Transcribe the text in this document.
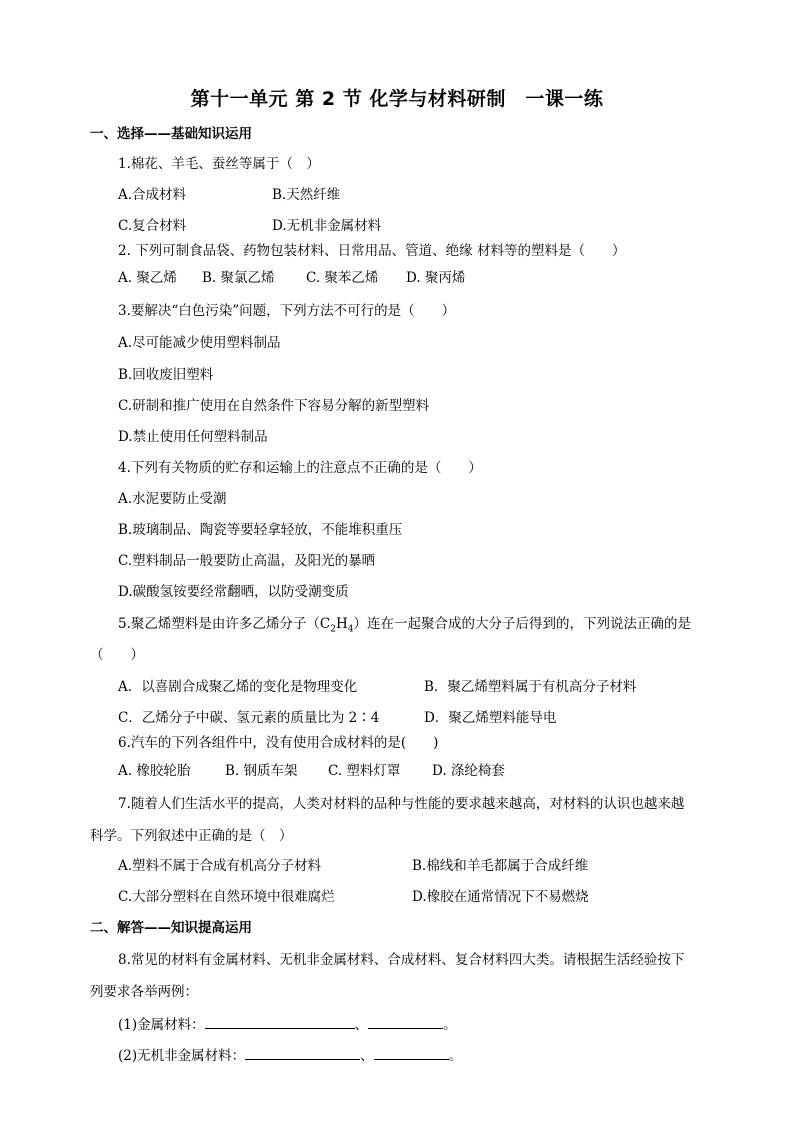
第十一单元 第 2 节 化学与材料研制　一课一练
一、选择——基础知识运用
1.棉花、羊毛、蚕丝等属于（　）
A.合成材料	B.天然纤维
C.复合材料	D.无机非金属材料
2. 下列可制食品袋、药物包装材料、日常用品、管道、绝缘 材料等的塑料是（　　）
A. 聚乙烯 B. 聚氯乙烯 C. 聚苯乙烯 D. 聚丙烯
3.要解决“白色污染”问题，下列方法不可行的是（　　）
A.尽可能减少使用塑料制品
B.回收废旧塑料
C.研制和推广使用在自然条件下容易分解的新型塑料
D.禁止使用任何塑料制品
4.下列有关物质的贮存和运输上的注意点不正确的是（　　）
A.水泥要防止受潮
B.玻璃制品、陶瓷等要轻拿轻放，不能堆积重压
C.塑料制品一般要防止高温，及阳光的暴晒
D.碳酸氢铵要经常翻晒，以防受潮变质
5.聚乙烯塑料是由许多乙烯分子$(C_2H_4)$连在一起聚合成的大分子后得到的，下列说法正确的是
（　　）
A．以喜剧合成聚乙烯的变化是物理变化	B．聚乙烯塑料属于有机高分子材料
C．乙烯分子中碳、氢元素的质量比为 2∶4	D．聚乙烯塑料能导电
6.汽车的下列各组件中，没有使用合成材料的是(　　)
A. 橡胶轮胎	B. 钢质车架 C. 塑料灯罩 D. 涤纶椅套
7.随着人们生活水平的提高，人类对材料的品种与性能的要求越来越高，对材料的认识也越来越
科学。下列叙述中正确的是（　）
A.塑料不属于合成有机高分子材料	B.棉线和羊毛都属于合成纤维
C.大部分塑料在自然环境中很难腐烂	D.橡胶在通常情况下不易燃烧
二、解答——知识提高运用
8.常见的材料有金属材料、无机非金属材料、合成材料、复合材料四大类。请根据生活经验按下
列要求各举两例：
(1)金属材料：	、	。
(2)无机非金属材料：	、	。
